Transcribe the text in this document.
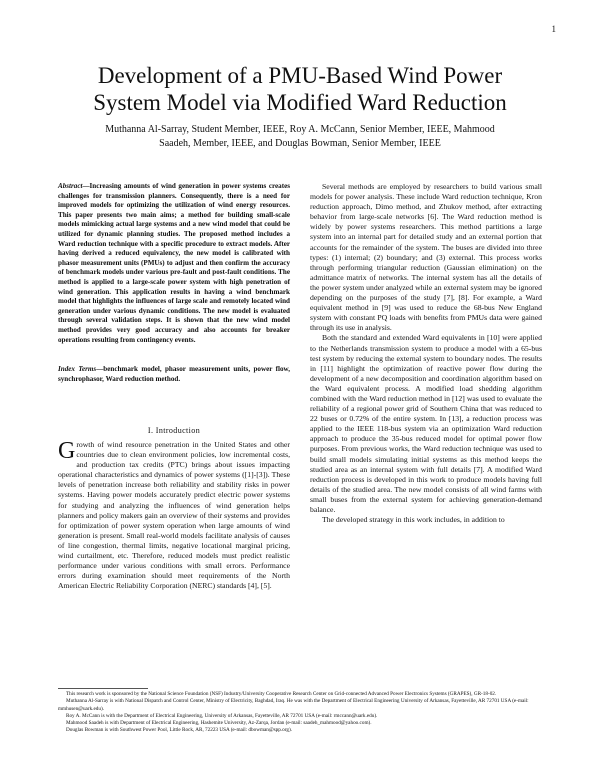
1
Development of a PMU-Based Wind Power
System Model via Modified Ward Reduction
Muthanna Al-Sarray, Student Member, IEEE, Roy A. McCann, Senior Member, IEEE, Mahmood
Saadeh, Member, IEEE, and Douglas Bowman, Senior Member, IEEE

Abstract—Increasing amounts of wind generation in power systems creates challenges for transmission planners. Consequently, there is a need for improved models for optimizing the utilization of wind energy resources. This paper presents two main aims; a method for building small-scale models mimicking actual large systems and a new wind model that could be utilized for dynamic planning studies. The proposed method includes a Ward reduction technique with a specific procedure to extract models. After having derived a reduced equivalency, the new model is calibrated with phasor measurement units (PMUs) to adjust and then confirm the accuracy of benchmark models under various pre-fault and post-fault conditions. The method is applied to a large-scale power system with high penetration of wind generation. This application results in having a wind benchmark model that highlights the influences of large scale and remotely located wind generation under various dynamic conditions. The new model is evaluated through several validation steps. It is shown that the new wind model method provides very good accuracy and also accounts for breaker operations resulting from contingency events.

Index Terms—benchmark model, phasor measurement units, power flow, synchrophasor, Ward reduction method.

I. Introduction

Growth of wind resource penetration in the United States and other countries due to clean environment policies, low incremental costs, and production tax credits (PTC) brings about issues impacting operational characteristics and dynamics of power systems ([1]-[3]). These levels of penetration increase both reliability and stability risks in power systems. Having power models accurately predict electric power systems for studying and analyzing the influences of wind generation helps planners and policy makers gain an overview of their systems and provides for optimization of power system operation when large amounts of wind generation is present. Small real-world models facilitate analysis of causes of line congestion, thermal limits, negative locational marginal pricing, wind curtailment, etc. Therefore, reduced models must predict realistic performance under various conditions with small errors. Performance errors during examination should meet requirements of the North American Electric Reliability Corporation (NERC) standards [4], [5].

Several methods are employed by researchers to build various small models for power analysis. These include Ward reduction technique, Kron reduction approach, Dimo method, and Zhukov method, after extracting behavior from large-scale networks [6]. The Ward reduction method is widely by power systems researchers. This method partitions a large system into an internal part for detailed study and an external portion that accounts for the remainder of the system. The buses are divided into three types: (1) internal; (2) boundary; and (3) external. This process works through performing triangular reduction (Gaussian elimination) on the admittance matrix of networks. The internal system has all the details of the power system under analyzed while an external system may be ignored depending on the purposes of the study [7], [8]. For example, a Ward equivalent method in [9] was used to reduce the 68-bus New England system with constant PQ loads with benefits from PMUs data were gained through its use in analysis.

Both the standard and extended Ward equivalents in [10] were applied to the Netherlands transmission system to produce a model with a 65-bus test system by reducing the external system to boundary nodes. The results in [11] highlight the optimization of reactive power flow during the development of a new decomposition and coordination algorithm based on the Ward equivalent process. A modified load shedding algorithm combined with the Ward reduction method in [12] was used to evaluate the reliability of a regional power grid of Southern China that was reduced to 22 buses or 0.72% of the entire system. In [13], a reduction process was applied to the IEEE 118-bus system via an optimization Ward reduction approach to produce the 35-bus reduced model for optimal power flow purposes. From previous works, the Ward reduction technique was used to build small models simulating initial systems as this method keeps the studied area as an internal system with full details [7]. A modified Ward reduction process is developed in this work to produce models having full details of the studied area. The new model consists of all wind farms with small buses from the external system for achieving generation-demand balance.

The developed strategy in this work includes, in addition to

This research work is sponsored by the National Science Foundation (NSF) Industry/University Cooperative Research Center on Grid-connected Advanced Power Electronics Systems (GRAPES), GR-18-02.

Muthanna Al-Sarray is with National Dispatch and Control Center, Ministry of Electricity, Baghdad, Iraq. He was with the Department of Electrical Engineering University of Arkansas, Fayetteville, AR 72701 USA (e-mail: mmhusen@uark.edu).

Roy A. McCann is with the Department of Electrical Engineering, University of Arkansas, Fayetteville, AR 72701 USA (e-mail: rmccann@uark.edu).

Mahmood Saadeh is with Department of Electrical Engineering, Hashemite University, Az-Zarqa, Jordan (e-mail: saadeh_mahmood@yahoo.com).

Douglas Bowman is with Southwest Power Pool, Little Rock, AR, 72223 USA (e-mail: dbowman@spp.org).
